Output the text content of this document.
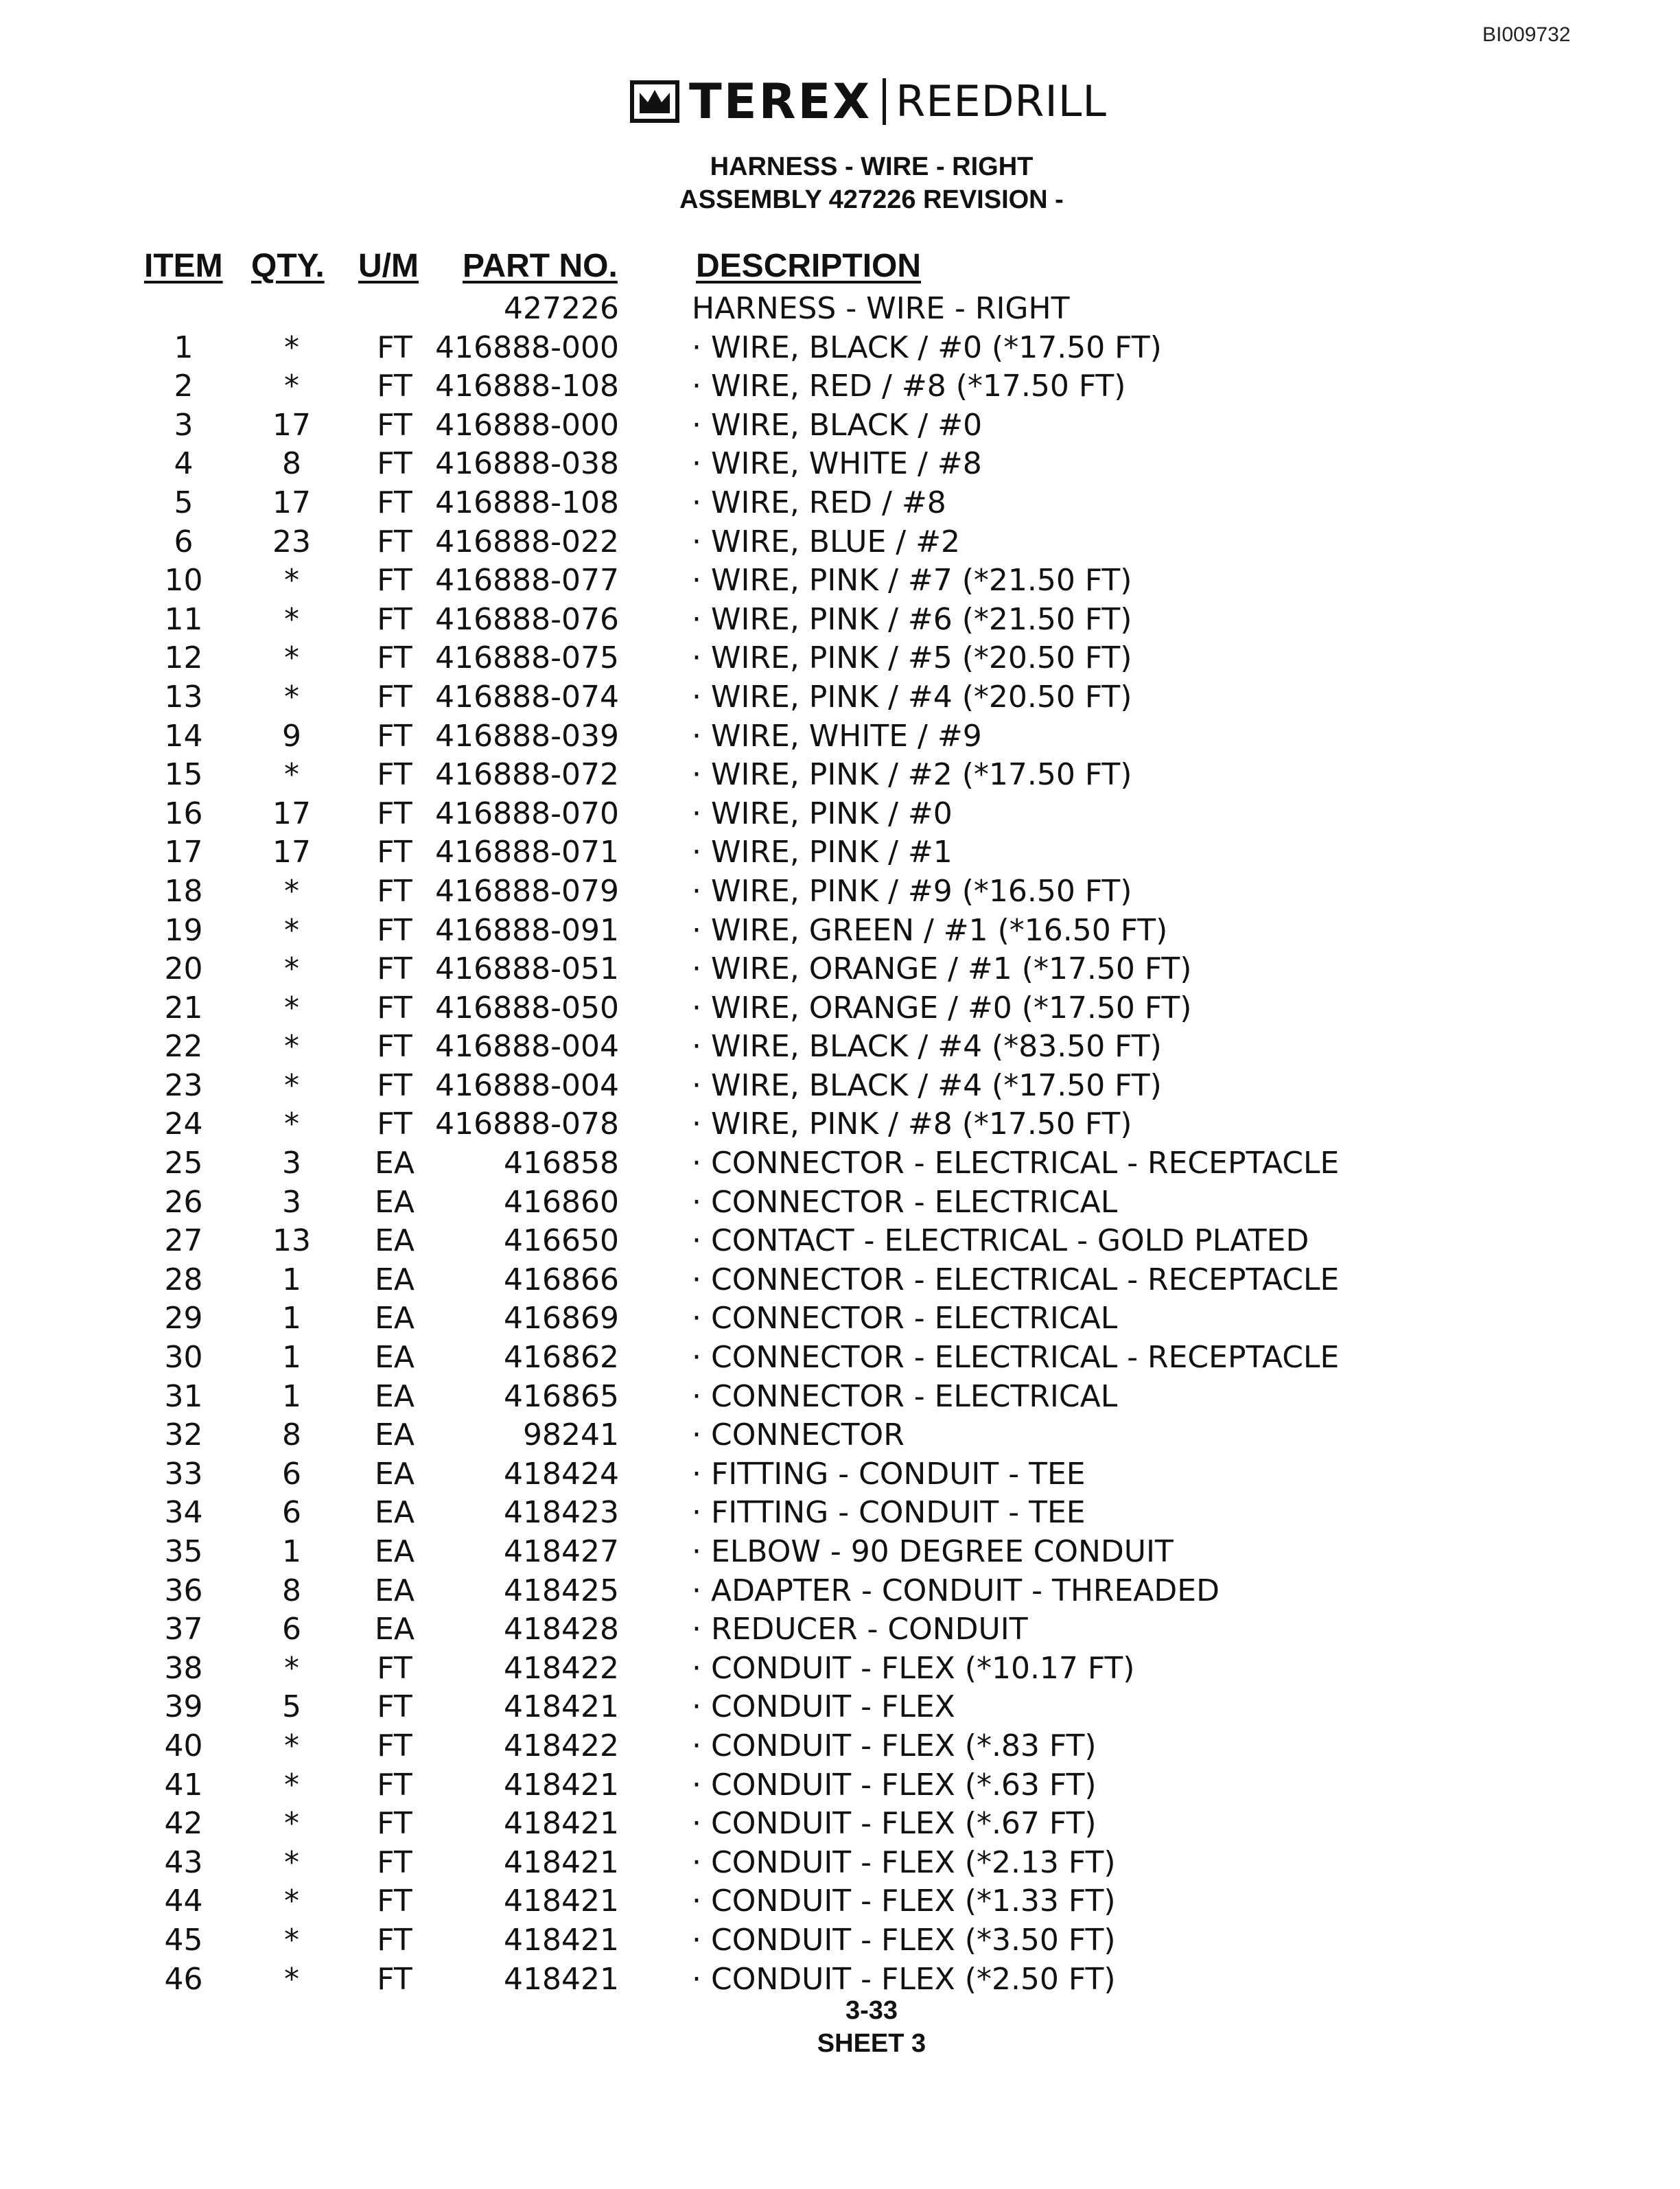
BI009732
TEREX REEDRILL
HARNESS - WIRE - RIGHT
ASSEMBLY 427226 REVISION -
ITEM QTY. U/M PART NO. DESCRIPTION
427226 HARNESS - WIRE - RIGHT
1	*	FT 416888-000 · WIRE, BLACK / #0 (*17.50 FT)
2	*	FT 416888-108 · WIRE, RED / #8 (*17.50 FT)
3	17	FT 416888-000 · WIRE, BLACK / #0
4	8	FT 416888-038 · WIRE, WHITE / #8
5	17	FT 416888-108 · WIRE, RED / #8
6	23	FT 416888-022 · WIRE, BLUE / #2
10	*	FT 416888-077 · WIRE, PINK / #7 (*21.50 FT)
11	*	FT 416888-076 · WIRE, PINK / #6 (*21.50 FT)
12	*	FT 416888-075 · WIRE, PINK / #5 (*20.50 FT)
13	*	FT 416888-074 · WIRE, PINK / #4 (*20.50 FT)
14	9	FT 416888-039 · WIRE, WHITE / #9
15	*	FT 416888-072 · WIRE, PINK / #2 (*17.50 FT)
16	17	FT 416888-070 · WIRE, PINK / #0
17	17	FT 416888-071 · WIRE, PINK / #1
18	*	FT 416888-079 · WIRE, PINK / #9 (*16.50 FT)
19	*	FT 416888-091 · WIRE, GREEN / #1 (*16.50 FT)
20	*	FT 416888-051 · WIRE, ORANGE / #1 (*17.50 FT)
21	*	FT 416888-050 · WIRE, ORANGE / #0 (*17.50 FT)
22	*	FT 416888-004 · WIRE, BLACK / #4 (*83.50 FT)
23	*	FT 416888-004 · WIRE, BLACK / #4 (*17.50 FT)
24	*	FT 416888-078 · WIRE, PINK / #8 (*17.50 FT)
25	3	EA	416858 · CONNECTOR - ELECTRICAL - RECEPTACLE
26	3	EA	416860 · CONNECTOR - ELECTRICAL
27	13	EA	416650 · CONTACT - ELECTRICAL - GOLD PLATED
28	1	EA	416866 · CONNECTOR - ELECTRICAL - RECEPTACLE
29	1	EA	416869 · CONNECTOR - ELECTRICAL
30	1	EA	416862 · CONNECTOR - ELECTRICAL - RECEPTACLE
31	1	EA	416865 · CONNECTOR - ELECTRICAL
32	8	EA	98241 · CONNECTOR
33	6	EA	418424 · FITTING - CONDUIT - TEE
34	6	EA	418423 · FITTING - CONDUIT - TEE
35	1	EA	418427 · ELBOW - 90 DEGREE CONDUIT
36	8	EA	418425 · ADAPTER - CONDUIT - THREADED
37	6	EA	418428 · REDUCER - CONDUIT
38	*	FT	418422 · CONDUIT - FLEX (*10.17 FT)
39	5	FT	418421 · CONDUIT - FLEX
40	*	FT	418422 · CONDUIT - FLEX (*.83 FT)
41	*	FT	418421 · CONDUIT - FLEX (*.63 FT)
42	*	FT	418421 · CONDUIT - FLEX (*.67 FT)
43	*	FT	418421 · CONDUIT - FLEX (*2.13 FT)
44	*	FT	418421 · CONDUIT - FLEX (*1.33 FT)
45	*	FT	418421 · CONDUIT - FLEX (*3.50 FT)
46	*	FT	418421 · CONDUIT - FLEX (*2.50 FT)
3-33
SHEET 3
